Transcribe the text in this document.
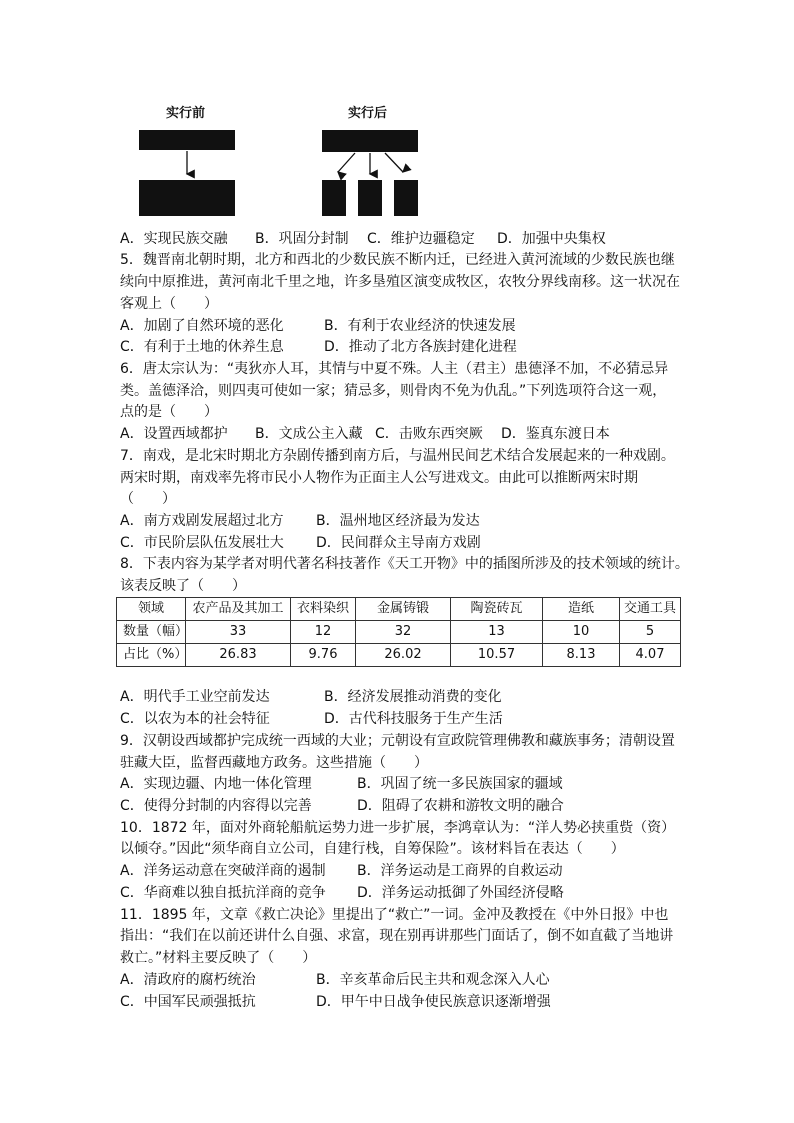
实行前	实行后
A．实现民族交融 B．巩固分封制 C．维护边疆稳定 D．加强中央集权
5．魏晋南北朝时期，北方和西北的少数民族不断内迁，已经进入黄河流域的少数民族也继
续向中原推进，黄河南北千里之地，许多垦殖区演变成牧区，农牧分界线南移。这一状况在
客观上（　　）
A．加剧了自然环境的恶化	B．有利于农业经济的快速发展
C．有利于土地的休养生息	D．推动了北方各族封建化进程
6．唐太宗认为：“夷狄亦人耳，其情与中夏不殊。人主（君主）患德泽不加，不必猜忌异
类。盖德泽洽，则四夷可使如一家；猜忌多，则骨肉不免为仇乱。”下列选项符合这一观，
点的是（　　）
A．设置西域都护 B．文成公主入藏 C．击败东西突厥 D．鉴真东渡日本
7．南戏，是北宋时期北方杂剧传播到南方后，与温州民间艺术结合发展起来的一种戏剧。
两宋时期，南戏率先将市民小人物作为正面主人公写进戏文。由此可以推断两宋时期
（　　）
A．南方戏剧发展超过北方 B．温州地区经济最为发达
C．市民阶层队伍发展壮大 D．民间群众主导南方戏剧
8．下表内容为某学者对明代著名科技著作《天工开物》中的插图所涉及的技术领域的统计。
该表反映了（　　）
领域	农产品及其加工	衣料染织	金属铸锻	陶瓷砖瓦	造纸	交通工具
数量（幅）	33	12	32	13	10	5
占比（%）	26.83	9.76	26.02	10.57	8.13	4.07
A．明代手工业空前发达	B．经济发展推动消费的变化
C．以农为本的社会特征	D．古代科技服务于生产生活
9．汉朝设西域都护完成统一西域的大业；元朝设有宣政院管理佛教和藏族事务；清朝设置
驻藏大臣，监督西藏地方政务。这些措施（　　）
A．实现边疆、内地一体化管理	B．巩固了统一多民族国家的疆域
C．使得分封制的内容得以完善	D．阻碍了农耕和游牧文明的融合
10．1872 年，面对外商轮船航运势力进一步扩展，李鸿章认为：“洋人势必挟重赀（资）
以倾夺。”因此“须华商自立公司，自建行栈，自筹保险”。该材料旨在表达（　　）
A．洋务运动意在突破洋商的遏制 B．洋务运动是工商界的自救运动
C．华商难以独自抵抗洋商的竞争 D．洋务运动抵御了外国经济侵略
11．1895 年，文章《救亡决论》里提出了“救亡”一词。金冲及教授在《中外日报》中也
指出：“我们在以前还讲什么自强、求富，现在别再讲那些门面话了，倒不如直截了当地讲
救亡。”材料主要反映了（　　）
A．清政府的腐朽统治	B．辛亥革命后民主共和观念深入人心
C．中国军民顽强抵抗	D．甲午中日战争使民族意识逐渐增强
